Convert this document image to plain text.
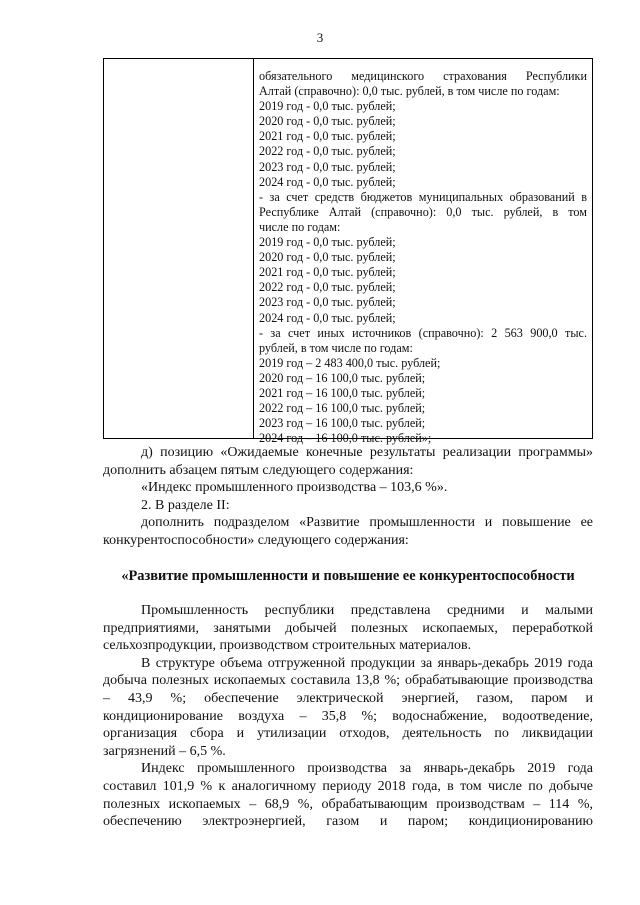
3
обязательного медицинского страхования Республики
Алтай (справочно): 0,0 тыс. рублей, в том числе по годам:
2019 год - 0,0 тыс. рублей;
2020 год - 0,0 тыс. рублей;
2021 год - 0,0 тыс. рублей;
2022 год - 0,0 тыс. рублей;
2023 год - 0,0 тыс. рублей;
2024 год - 0,0 тыс. рублей;
- за счет средств бюджетов муниципальных образований в
Республике Алтай (справочно): 0,0 тыс. рублей, в том
числе по годам:
2019 год - 0,0 тыс. рублей;
2020 год - 0,0 тыс. рублей;
2021 год - 0,0 тыс. рублей;
2022 год - 0,0 тыс. рублей;
2023 год - 0,0 тыс. рублей;
2024 год - 0,0 тыс. рублей;
- за счет иных источников (справочно): 2 563 900,0 тыс.
рублей, в том числе по годам:
2019 год – 2 483 400,0 тыс. рублей;
2020 год – 16 100,0 тыс. рублей;
2021 год – 16 100,0 тыс. рублей;
2022 год – 16 100,0 тыс. рублей;
2023 год – 16 100,0 тыс. рублей;
2024 год – 16 100,0 тыс. рублей»;

д) позицию «Ожидаемые конечные результаты реализации программы» дополнить абзацем пятым следующего содержания:

«Индекс промышленного производства – 103,6 %».

2. В разделе II:

дополнить подразделом «Развитие промышленности и повышение ее конкурентоспособности» следующего содержания:

«Развитие промышленности и повышение ее конкурентоспособности

Промышленность республики представлена средними и малыми предприятиями, занятыми добычей полезных ископаемых, переработкой сельхозпродукции, производством строительных материалов.

В структуре объема отгруженной продукции за январь-декабрь 2019 года добыча полезных ископаемых составила 13,8 %; обрабатывающие производства – 43,9 %; обеспечение электрической энергией, газом, паром и кондиционирование воздуха – 35,8 %; водоснабжение, водоотведение, организация сбора и утилизации отходов, деятельность по ликвидации загрязнений – 6,5 %.

Индекс промышленного производства за январь-декабрь 2019 года составил 101,9 % к аналогичному периоду 2018 года, в том числе по добыче полезных ископаемых – 68,9 %, обрабатывающим производствам – 114 %, обеспечению электроэнергией, газом и паром; кондиционированию
